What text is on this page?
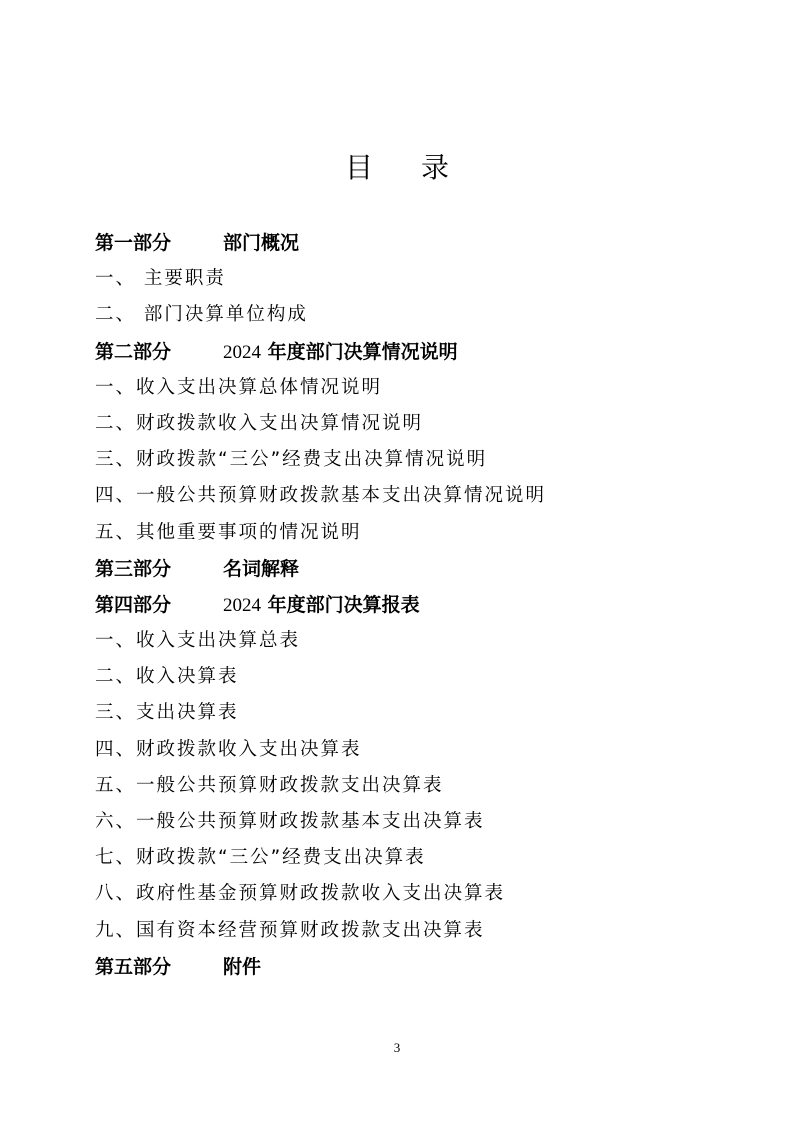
目录
第一部分	部门概况
一、 主要职责
二、 部门决算单位构成
第二部分	2024 年度部门决算情况说明
一、收入支出决算总体情况说明
二、财政拨款收入支出决算情况说明
三、财政拨款“三公”经费支出决算情况说明
四、一般公共预算财政拨款基本支出决算情况说明
五、其他重要事项的情况说明
第三部分	名词解释
第四部分	2024 年度部门决算报表
一、收入支出决算总表
二、收入决算表
三、支出决算表
四、财政拨款收入支出决算表
五、一般公共预算财政拨款支出决算表
六、一般公共预算财政拨款基本支出决算表
七、财政拨款“三公”经费支出决算表
八、政府性基金预算财政拨款收入支出决算表
九、国有资本经营预算财政拨款支出决算表
第五部分	附件
3
